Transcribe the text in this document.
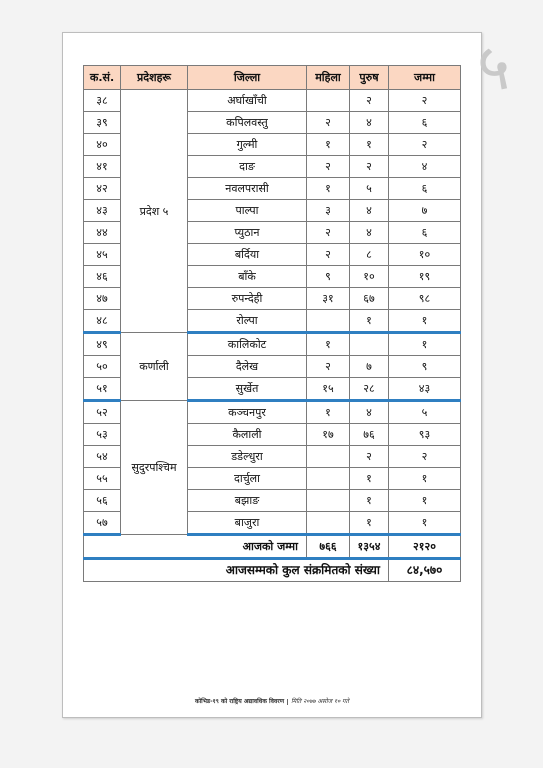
क.सं.	प्रदेशहरू	जिल्ला	महिला	पुरुष	जम्मा
३८	प्रदेश ५	अर्घाखाँची		२	२
३९		कपिलवस्तु	२	४	६
४०		गुल्मी	१	१	२
४१		दाङ	२	२	४
४२		नवलपरासी	१	५	६
४३		पाल्पा	३	४	७
४४		प्युठान	२	४	६
४५		बर्दिया	२	८	१०
४६		बाँके	९	१०	१९
४७		रुपन्देही	३१	६७	९८
४८		रोल्पा		१	१
४९	कर्णाली	कालिकोट	१		१
५०		दैलेख	२	७	९
५१		सुर्खेत	१५	२८	४३
५२	सुदुरपश्चिम	कञ्चनपुर	१	४	५
५३		कैलाली	१७	७६	९३
५४		डडेल्धुरा		२	२
५५		दार्चुला		१	१
५६		बझाङ		१	१
५७		बाजुरा		१	१
आजको जम्मा			७६६	१३५४	२१२०
आजसम्मको कुल संक्रमितको संख्या					८४,५७०
कोभिड-१९ को राष्ट्रिय अद्यावधिक विवरण मिति २०७७ असोज १० गते
५
